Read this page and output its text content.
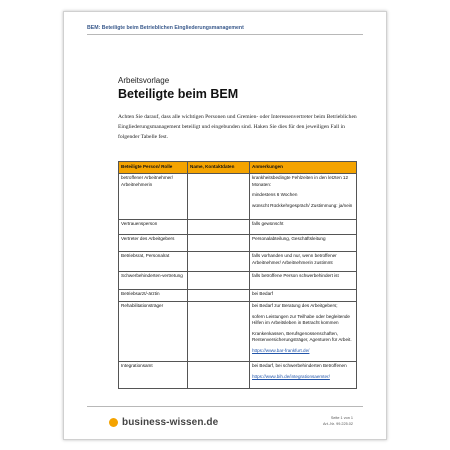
BEM: Beteiligte beim Betrieblichen Eingliederungsmanagement
Arbeitsvorlage
Beteiligte beim BEM
Achten Sie darauf, dass alle wichtigen Personen und Gremien- oder Interessenvertreter beim Betrieblichen Eingliederungsmanagement beteiligt und eingebunden sind. Haken Sie dies für den jeweiligen Fall in folgender Tabelle fest.
Beteiligte Person/ Rolle	Name, Kontaktdaten	Anmerkungen
betroffener Arbeitnehmer/ Arbeitnehmerin		krankheitsbedingte Fehlzeiten in den letzten 12 Monaten:
mindestens 6 Wochen
wünscht Rückkehrgespräch/ Zustimmung: ja/nein

Vertrauensperson		falls gewünscht
Vertreter des Arbeitgebers		Personalabteilung, Geschäftsleitung
Betriebsrat, Personalrat		falls vorhanden und nur, wenn betroffener Arbeitnehmer/ Arbeitnehmerin zustimmt
Schwerbehinderten-vertretung		falls betroffene Person schwerbehindert ist
Betriebsarzt/-ärztin		bei Bedarf
Rehabilitationsträger		bei Bedarf zur Beratung des Arbeitgebers;
sofern Leistungen zur Teilhabe oder begleitende Hilfen im Arbeitsleben in Betracht kommen
Krankenkassen, Berufsgenossenschaften, Rentenversicherungsträger, Agenturen für Arbeit.
https://www.bar-frankfurt.de/

Integrationsamt		bei Bedarf, bei schwerbehinderten Betroffenen
https://www.bih.de/integrationsaemter/
business-wissen.de	Seite 1 von 1
Art.-Nr. 99.225.02
